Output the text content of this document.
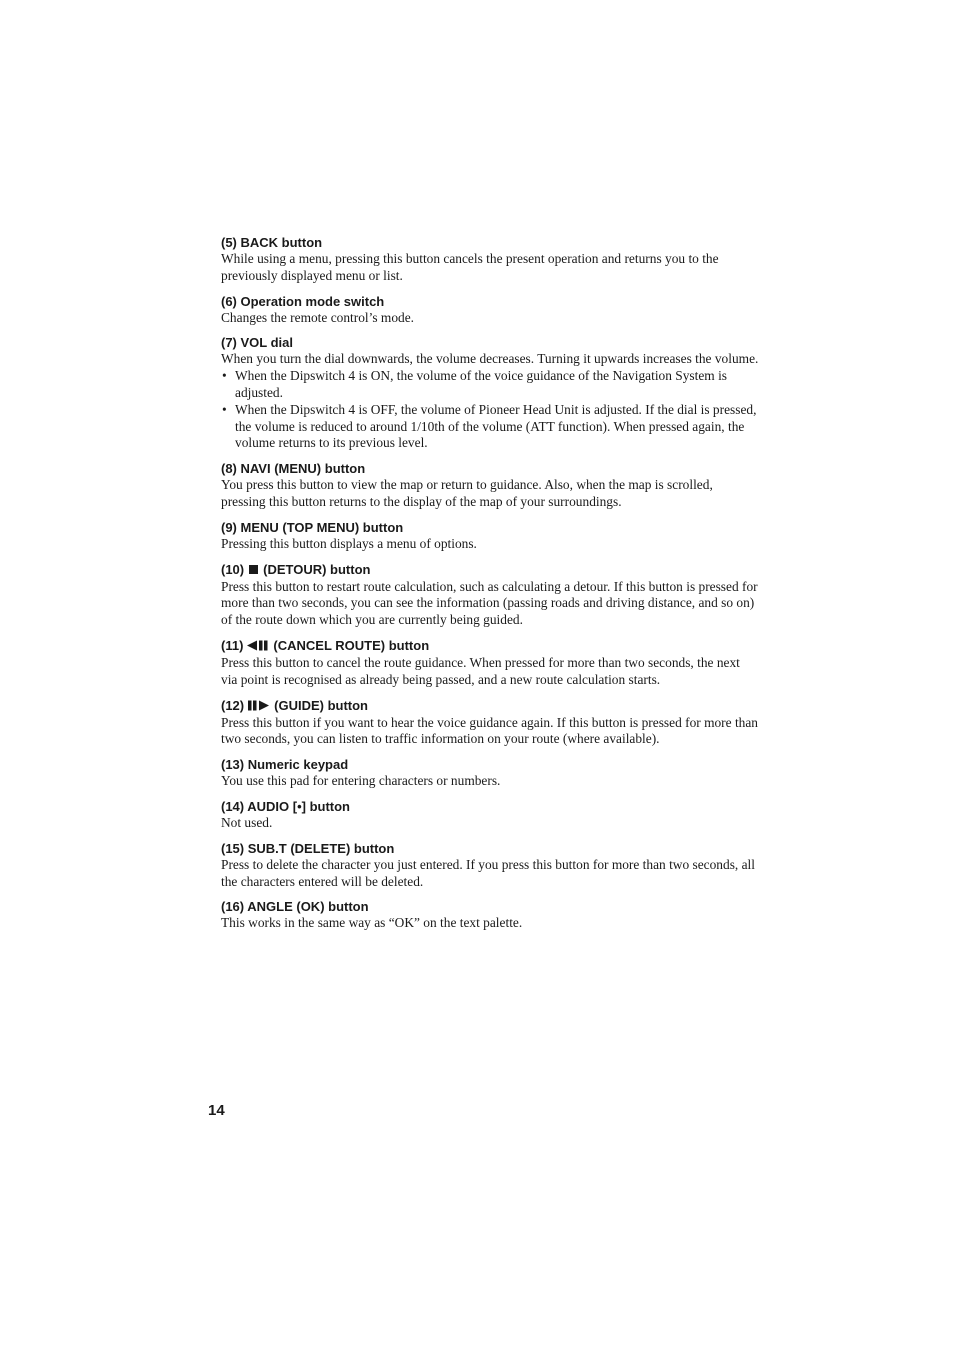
(5) BACK button

While using a menu, pressing this button cancels the present operation and returns you to the previously displayed menu or list.

(6) Operation mode switch

Changes the remote control’s mode.

(7) VOL dial

When you turn the dial downwards, the volume decreases. Turning it upwards increases the volume.

• When the Dipswitch 4 is ON, the volume of the voice guidance of the Navigation System is adjusted.
• When the Dipswitch 4 is OFF, the volume of Pioneer Head Unit is adjusted. If the dial is pressed, the volume is reduced to around 1/10th of the volume (ATT function). When pressed again, the volume returns to its previous level.

(8) NAVI (MENU) button

You press this button to view the map or return to guidance. Also, when the map is scrolled, pressing this button returns to the display of the map of your surroundings.

(9) MENU (TOP MENU) button

Pressing this button displays a menu of options.

(10) (DETOUR) button

Press this button to restart route calculation, such as calculating a detour. If this button is pressed for more than two seconds, you can see the information (passing roads and driving distance, and so on) of the route down which you are currently being guided.

(11) (CANCEL ROUTE) button

Press this button to cancel the route guidance. When pressed for more than two seconds, the next via point is recognised as already being passed, and a new route calculation starts.

(12) (GUIDE) button

Press this button if you want to hear the voice guidance again. If this button is pressed for more than two seconds, you can listen to traffic information on your route (where available).

(13) Numeric keypad

You use this pad for entering characters or numbers.

(14) AUDIO [•] button

Not used.

(15) SUB.T (DELETE) button

Press to delete the character you just entered. If you press this button for more than two seconds, all the characters entered will be deleted.

(16) ANGLE (OK) button

This works in the same way as “OK” on the text palette.

14
